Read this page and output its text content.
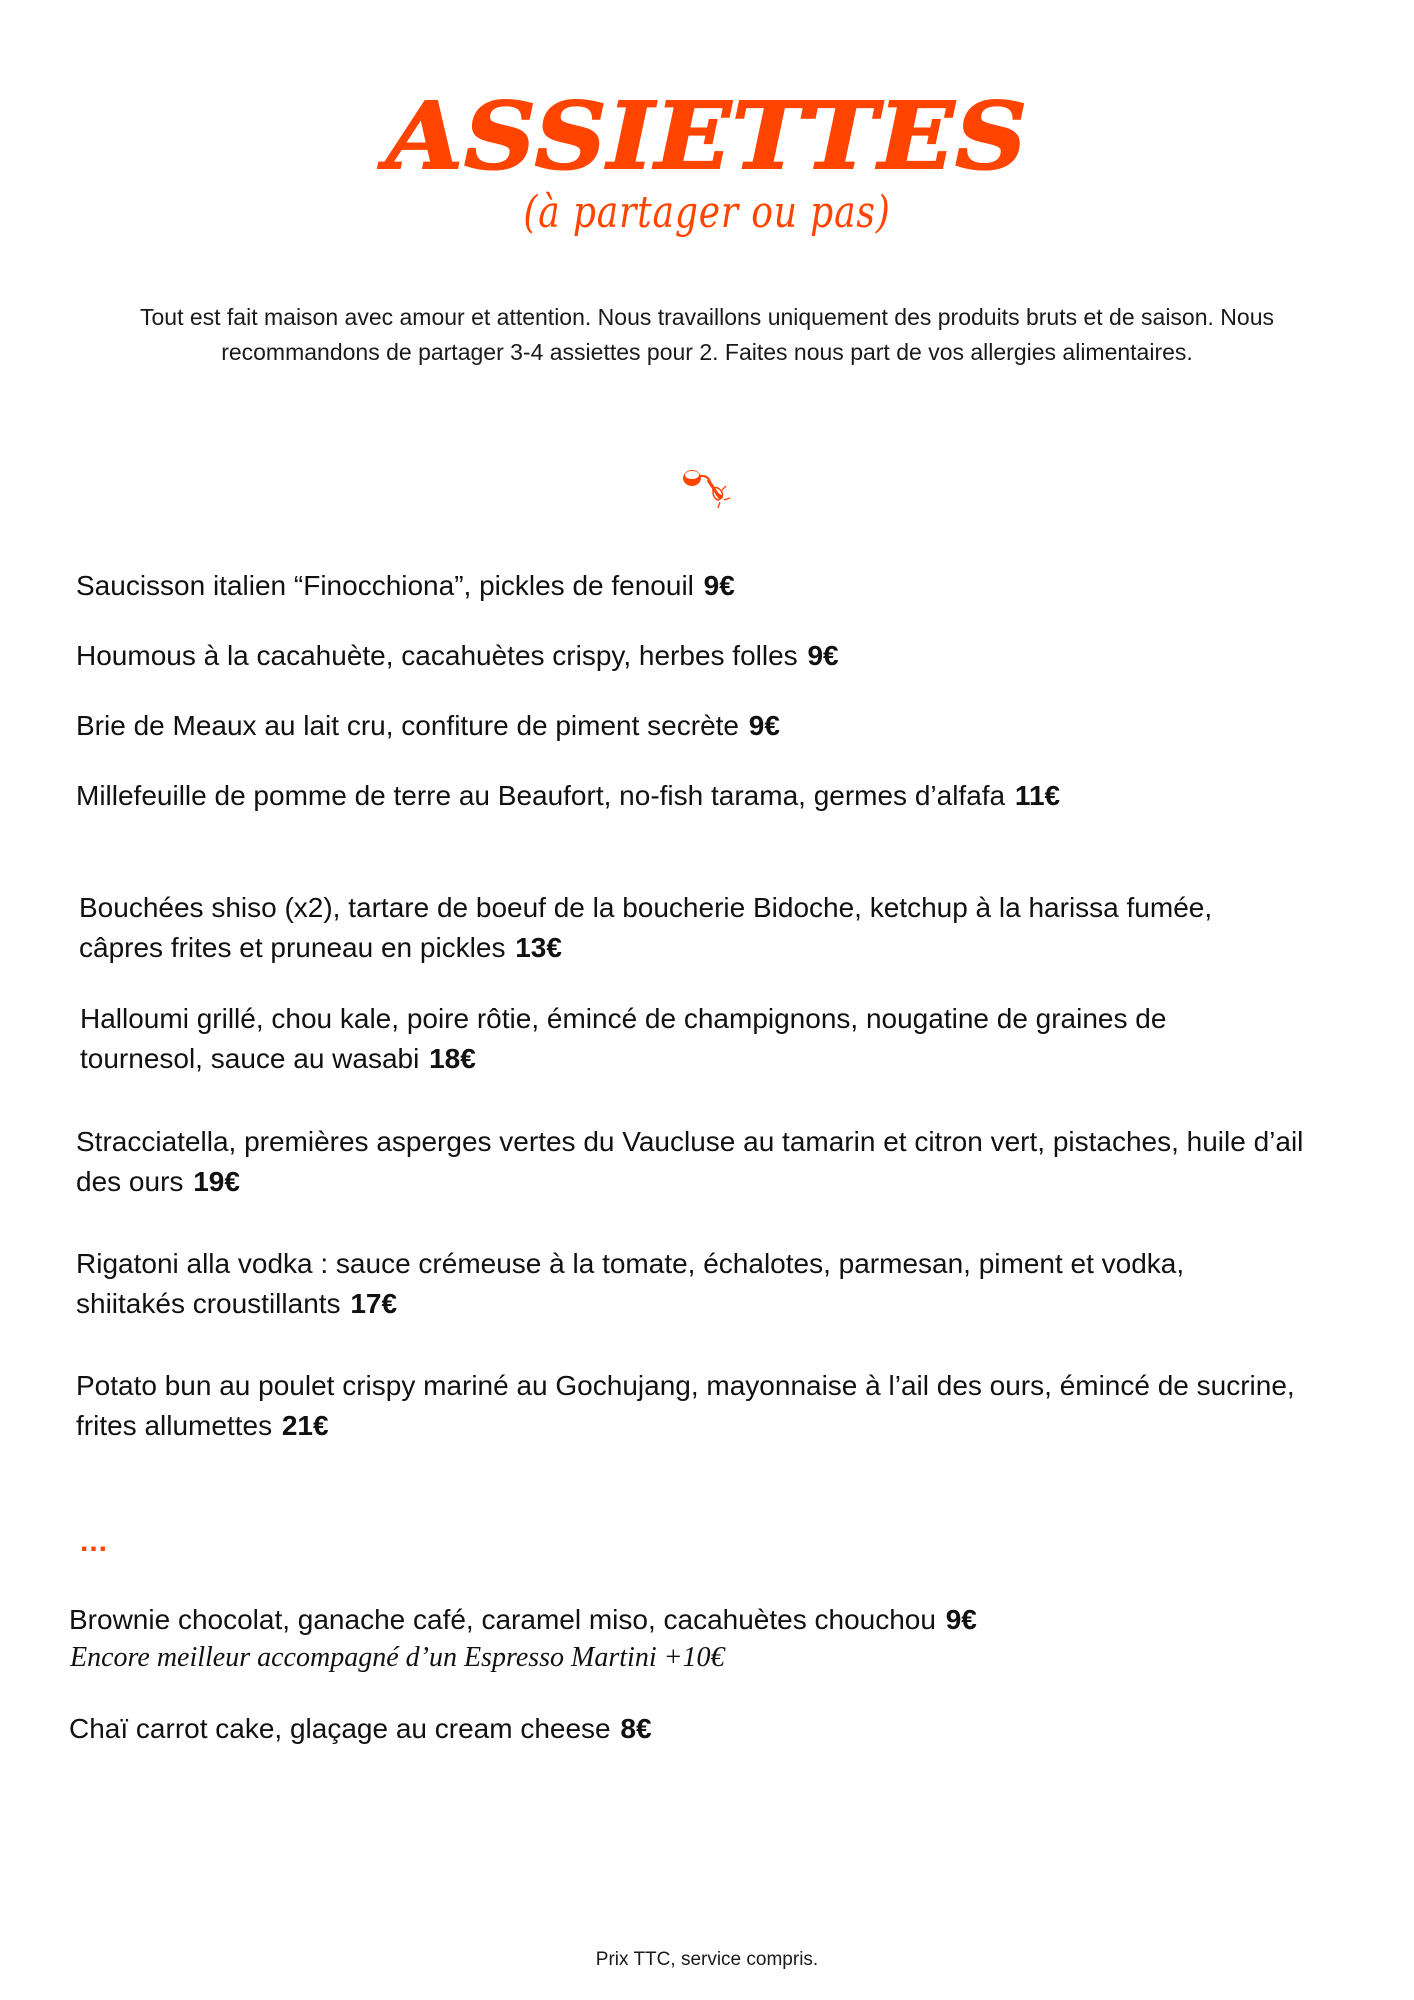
ASSIETTES
(à partager ou pas)
Tout est fait maison avec amour et attention. Nous travaillons uniquement des produits bruts et de saison. Nous recommandons de partager 3-4 assiettes pour 2. Faites nous part de vos allergies alimentaires.
Saucisson italien “Finocchiona”, pickles de fenouil 9€
Houmous à la cacahuète, cacahuètes crispy, herbes folles 9€
Brie de Meaux au lait cru, confiture de piment secrète 9€
Millefeuille de pomme de terre au Beaufort, no-fish tarama, germes d’alfafa 11€
Bouchées shiso (x2), tartare de boeuf de la boucherie Bidoche, ketchup à la harissa fumée, câpres frites et pruneau en pickles 13€
Halloumi grillé, chou kale, poire rôtie, émincé de champignons, nougatine de graines de tournesol, sauce au wasabi 18€
Stracciatella, premières asperges vertes du Vaucluse au tamarin et citron vert, pistaches, huile d’ail des ours 19€
Rigatoni alla vodka : sauce crémeuse à la tomate, échalotes, parmesan, piment et vodka, shiitakés croustillants 17€
Potato bun au poulet crispy mariné au Gochujang, mayonnaise à l’ail des ours, émincé de sucrine, frites allumettes 21€
...
Brownie chocolat, ganache café, caramel miso, cacahuètes chouchou 9€
Encore meilleur accompagné d’un Espresso Martini +10€
Chaï carrot cake, glaçage au cream cheese 8€
Prix TTC, service compris.
